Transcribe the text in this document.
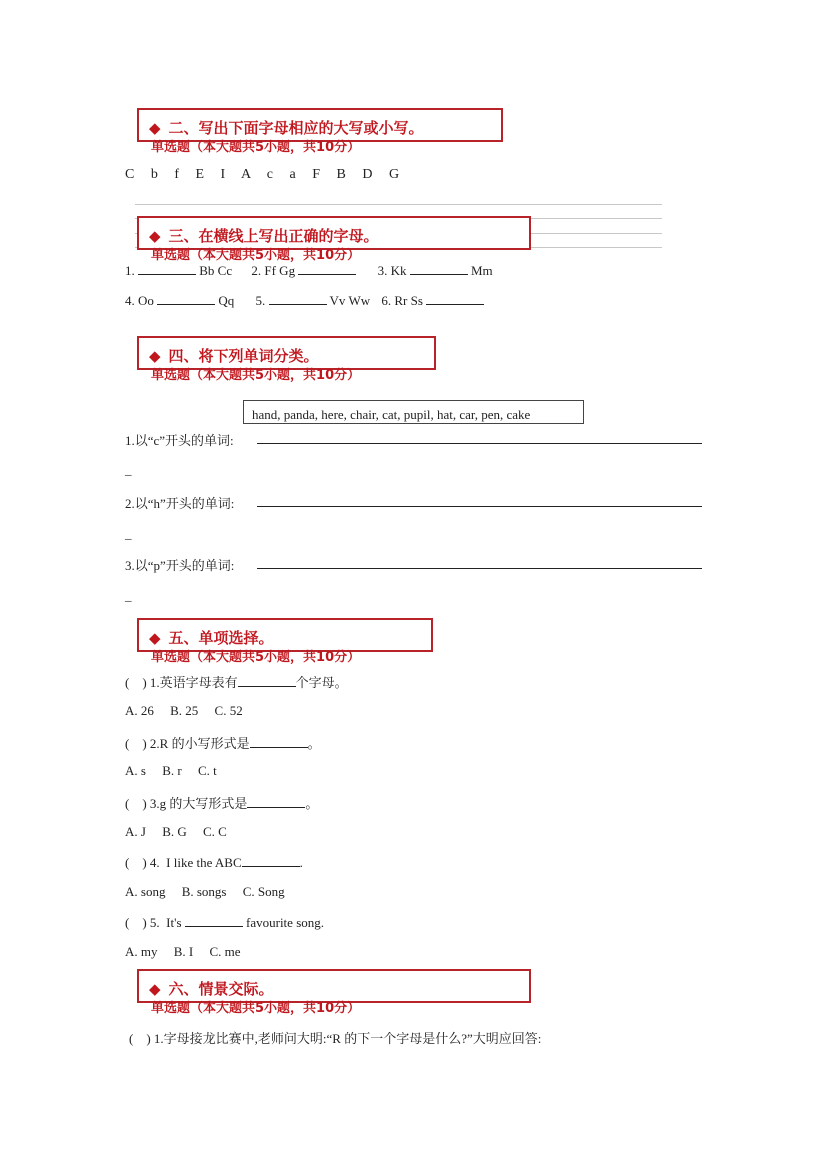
◆ 二、写出下面字母相应的大写或小写。
单选题（本大题共5小题，共10分）
C   b   f   E   I   A   c   a   F   B   D   G
◆ 三、在横线上写出正确的字母。
单选题（本大题共5小题，共10分）
1.	Bb Cc 2. Ff Gg	3. Kk	Mm
4. Oo	Qq 5.	Vv Ww 6. Rr Ss
◆ 四、将下列单词分类。
单选题（本大题共5小题，共10分）
hand, panda, here, chair, cat, pupil, hat, car, pen, cake
1.以“c”开头的单词:
_
2.以“h”开头的单词:
_
3.以“p”开头的单词:
_
◆ 五、单项选择。
单选题（本大题共5小题，共10分）
(    ) 1.英语字母表有	个字母。
A. 26     B. 25     C. 52
(    ) 2.R 的小写形式是	。
A. s     B. r     C. t
(    ) 3.g 的大写形式是	。
A. J     B. G     C. C
(    ) 4.  I like the ABC	.
A. song     B. songs     C. Song
(    ) 5.  It's	favourite song.
A. my     B. I     C. me
◆ 六、情景交际。
单选题（本大题共5小题，共10分）
(    ) 1.字母接龙比赛中,老师问大明:“R 的下一个字母是什么?”大明应回答:
